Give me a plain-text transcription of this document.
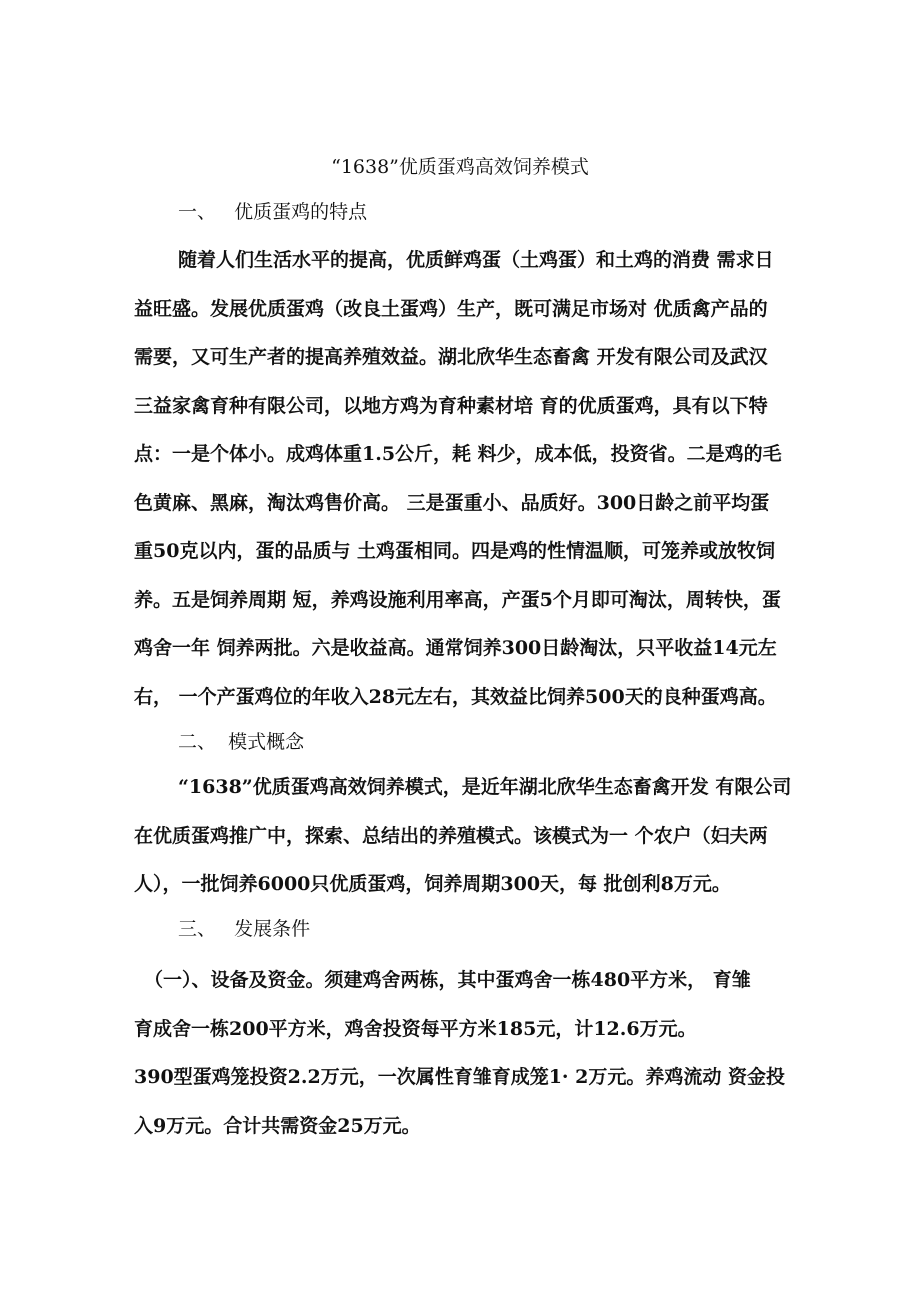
“1638”优质蛋鸡高效饲养模式
一、   优质蛋鸡的特点
随着人们生活水平的提高，优质鲜鸡蛋（土鸡蛋）和土鸡的消费 需求日
益旺盛。发展优质蛋鸡（改良土蛋鸡）生产，既可满足市场对 优质禽产品的
需要，又可生产者的提高养殖效益。湖北欣华生态畜禽 开发有限公司及武汉
三益家禽育种有限公司，以地方鸡为育种素材培 育的优质蛋鸡，具有以下特
点：一是个体小。成鸡体重1.5公斤，耗 料少，成本低，投资省。二是鸡的毛
色黄麻、黑麻，淘汰鸡售价高。 三是蛋重小、品质好。300日龄之前平均蛋
重50克以内，蛋的品质与 土鸡蛋相同。四是鸡的性情温顺，可笼养或放牧饲
养。五是饲养周期 短，养鸡设施利用率高，产蛋5个月即可淘汰，周转快，蛋
鸡舍一年 饲养两批。六是收益高。通常饲养300日龄淘汰，只平收益14元左
右， 一个产蛋鸡位的年收入28元左右，其效益比饲养500天的良种蛋鸡高。
二、  模式概念
“1638”优质蛋鸡高效饲养模式，是近年湖北欣华生态畜禽开发 有限公司
在优质蛋鸡推广中，探索、总结出的养殖模式。该模式为一 个农户（妇夫两
人），一批饲养6000只优质蛋鸡，饲养周期300天，每 批创利8万元。
三、   发展条件
（一）、设备及资金。须建鸡舍两栋，其中蛋鸡舍一栋480平方米， 育雏
育成舍一栋200平方米，鸡舍投资每平方米185元，计12.6万元。
390型蛋鸡笼投资2.2万元，一次属性育雏育成笼1· 2万元。养鸡流动 资金投
入9万元。合计共需资金25万元。
